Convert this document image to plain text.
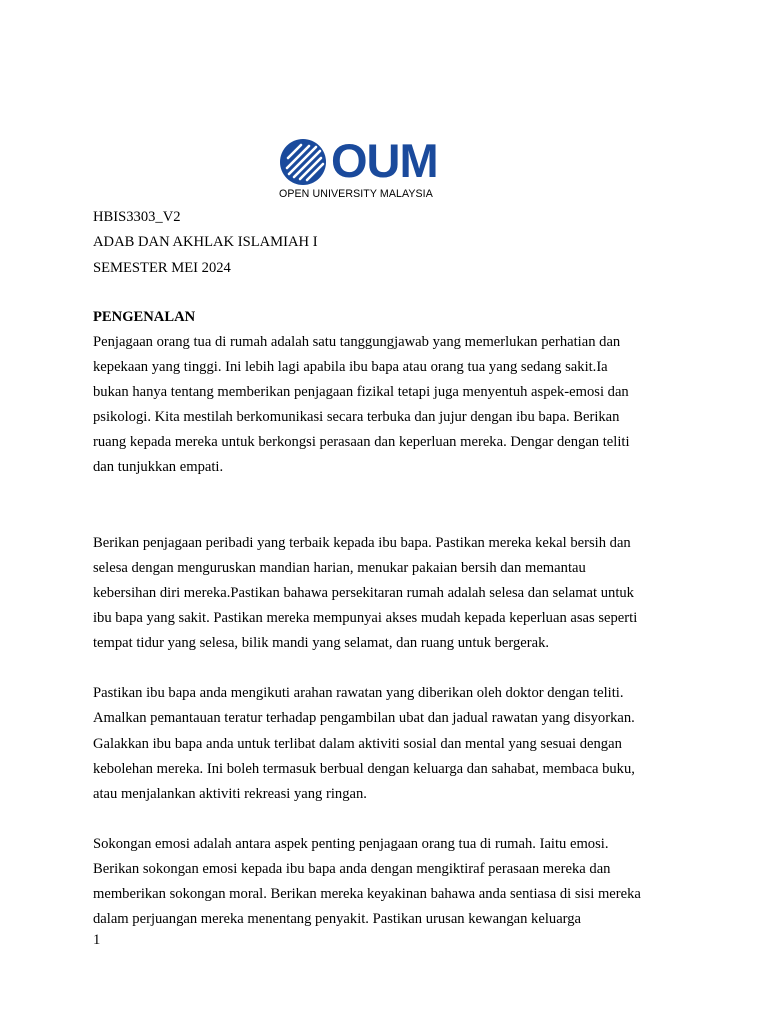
OUM
OPEN UNIVERSITY MALAYSIA
HBIS3303_V2
ADAB DAN AKHLAK ISLAMIAH I
SEMESTER MEI 2024
PENGENALAN
Penjagaan orang tua di rumah adalah satu tanggungjawab yang memerlukan perhatian dan
kepekaan yang tinggi. Ini lebih lagi apabila ibu bapa atau orang tua yang sedang sakit.Ia
bukan hanya tentang memberikan penjagaan fizikal tetapi juga menyentuh aspek-emosi dan
psikologi. Kita mestilah berkomunikasi secara terbuka dan jujur dengan ibu bapa. Berikan
ruang kepada mereka untuk berkongsi perasaan dan keperluan mereka. Dengar dengan teliti
dan tunjukkan empati.
Berikan penjagaan peribadi yang terbaik kepada ibu bapa. Pastikan mereka kekal bersih dan
selesa dengan menguruskan mandian harian, menukar pakaian bersih dan memantau
kebersihan diri mereka.Pastikan bahawa persekitaran rumah adalah selesa dan selamat untuk
ibu bapa yang sakit. Pastikan mereka mempunyai akses mudah kepada keperluan asas seperti
tempat tidur yang selesa, bilik mandi yang selamat, dan ruang untuk bergerak.
Pastikan ibu bapa anda mengikuti arahan rawatan yang diberikan oleh doktor dengan teliti.
Amalkan pemantauan teratur terhadap pengambilan ubat dan jadual rawatan yang disyorkan.
Galakkan ibu bapa anda untuk terlibat dalam aktiviti sosial dan mental yang sesuai dengan
kebolehan mereka. Ini boleh termasuk berbual dengan keluarga dan sahabat, membaca buku,
atau menjalankan aktiviti rekreasi yang ringan.
Sokongan emosi adalah antara aspek penting penjagaan orang tua di rumah. Iaitu emosi.
Berikan sokongan emosi kepada ibu bapa anda dengan mengiktiraf perasaan mereka dan
memberikan sokongan moral. Berikan mereka keyakinan bahawa anda sentiasa di sisi mereka
dalam perjuangan mereka menentang penyakit. Pastikan urusan kewangan keluarga
1
